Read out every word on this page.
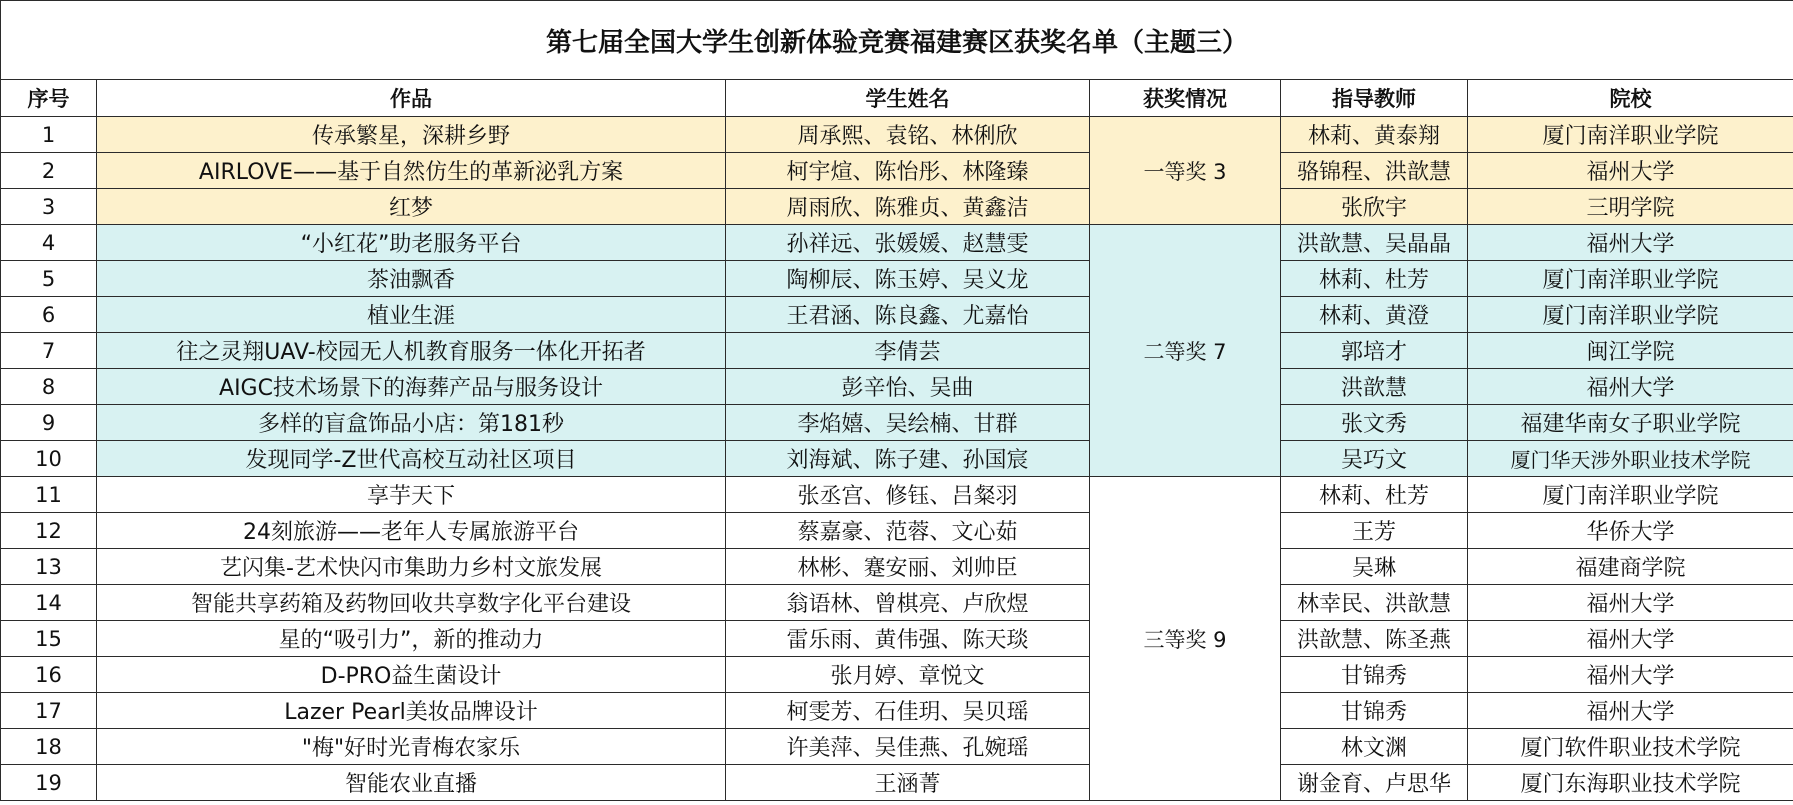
第七届全国大学生创新体验竞赛福建赛区获奖名单（主题三）					
序号	作品	学生姓名	获奖情况	指导教师	院校
1	传承繁星，深耕乡野	周承熙、袁铭、林俐欣	一等奖 3	林莉、黄泰翔	厦门南洋职业学院
2	AIRLOVE——基于自然仿生的革新泌乳方案	柯宇煊、陈怡彤、林隆臻		骆锦程、洪歆慧	福州大学
3	红梦	周雨欣、陈雅贞、黄鑫洁		张欣宇	三明学院
4	“小红花”助老服务平台	孙祥远、张媛媛、赵慧雯	二等奖 7	洪歆慧、吴晶晶	福州大学
5	茶油飘香	陶柳辰、陈玉婷、吴义龙		林莉、杜芳	厦门南洋职业学院
6	植业生涯	王君涵、陈良鑫、尤嘉怡		林莉、黄澄	厦门南洋职业学院
7	往之灵翔UAV-校园无人机教育服务一体化开拓者	李倩芸		郭培才	闽江学院
8	AIGC技术场景下的海葬产品与服务设计	彭辛怡、吴曲		洪歆慧	福州大学
9	多样的盲盒饰品小店：第181秒	李焰嬉、吴绘楠、甘群		张文秀	福建华南女子职业学院
10	发现同学-Z世代高校互动社区项目	刘海斌、陈子建、孙国宸		吴巧文	厦门华天涉外职业技术学院
11	享芋天下	张丞宫、修钰、吕粲羽	三等奖 9	林莉、杜芳	厦门南洋职业学院
12	24刻旅游——老年人专属旅游平台	蔡嘉豪、范蓉、文心茹		王芳	华侨大学
13	艺闪集-艺术快闪市集助力乡村文旅发展	林彬、蹇安丽、刘帅臣		吴琳	福建商学院
14	智能共享药箱及药物回收共享数字化平台建设	翁语林、曾棋亮、卢欣煜		林幸民、洪歆慧	福州大学
15	星的“吸引力”，新的推动力	雷乐雨、黄伟强、陈天琰		洪歆慧、陈圣燕	福州大学
16	D-PRO益生菌设计	张月婷、章悦文		甘锦秀	福州大学
17	Lazer Pearl美妆品牌设计	柯雯芳、石佳玥、吴贝瑶		甘锦秀	福州大学
18	"梅"好时光青梅农家乐	许美萍、吴佳燕、孔婉瑶		林文渊	厦门软件职业技术学院
19	智能农业直播	王涵菁		谢金育、卢思华	厦门东海职业技术学院
